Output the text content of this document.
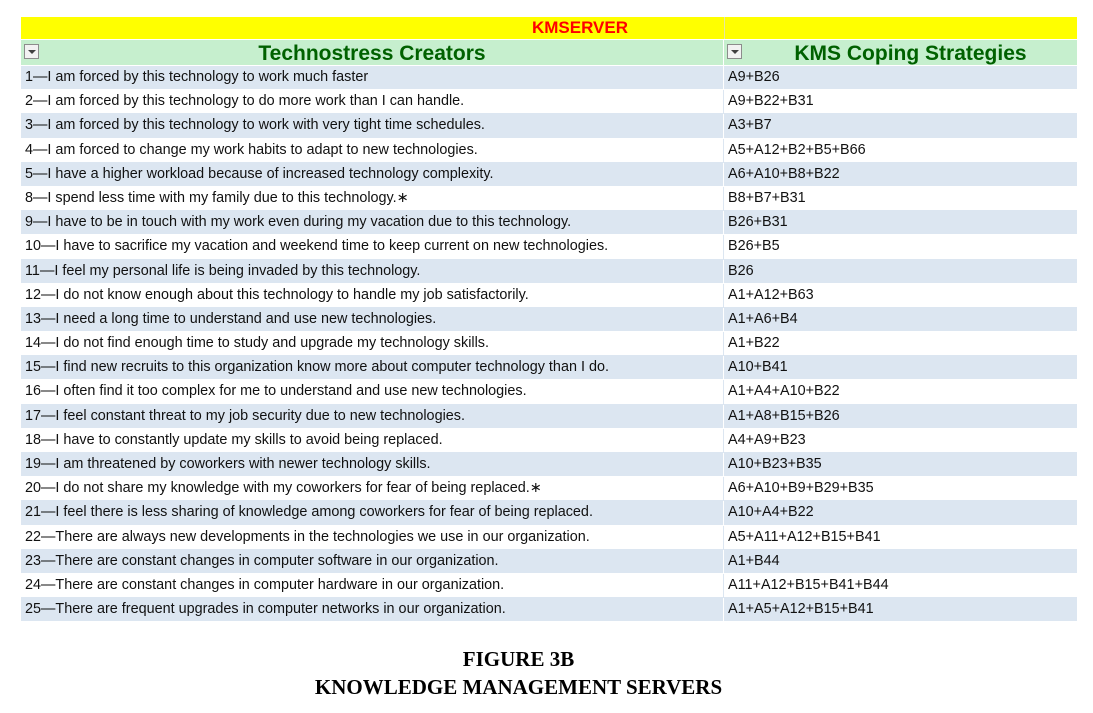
KMSERVER
Technostress Creators	KMS Coping Strategies
1—I am forced by this technology to work much faster	A9+B26
2—I am forced by this technology to do more work than I can handle.	A9+B22+B31
3—I am forced by this technology to work with very tight time schedules.	A3+B7
4—I am forced to change my work habits to adapt to new technologies.	A5+A12+B2+B5+B66
5—I have a higher workload because of increased technology complexity.	A6+A10+B8+B22
8—I spend less time with my family due to this technology.∗	B8+B7+B31
9—I have to be in touch with my work even during my vacation due to this technology.	B26+B31
10—I have to sacrifice my vacation and weekend time to keep current on new technologies.	B26+B5
11—I feel my personal life is being invaded by this technology.	B26
12—I do not know enough about this technology to handle my job satisfactorily.	A1+A12+B63
13—I need a long time to understand and use new technologies.	A1+A6+B4
14—I do not find enough time to study and upgrade my technology skills.	A1+B22
15—I find new recruits to this organization know more about computer technology than I do.	A10+B41
16—I often find it too complex for me to understand and use new technologies.	A1+A4+A10+B22
17—I feel constant threat to my job security due to new technologies.	A1+A8+B15+B26
18—I have to constantly update my skills to avoid being replaced.	A4+A9+B23
19—I am threatened by coworkers with newer technology skills.	A10+B23+B35
20—I do not share my knowledge with my coworkers for fear of being replaced.∗	A6+A10+B9+B29+B35
21—I feel there is less sharing of knowledge among coworkers for fear of being replaced.	A10+A4+B22
22—There are always new developments in the technologies we use in our organization.	A5+A11+A12+B15+B41
23—There are constant changes in computer software in our organization.	A1+B44
24—There are constant changes in computer hardware in our organization.	A11+A12+B15+B41+B44
25—There are frequent upgrades in computer networks in our organization.	A1+A5+A12+B15+B41
FIGURE 3B
KNOWLEDGE MANAGEMENT SERVERS
